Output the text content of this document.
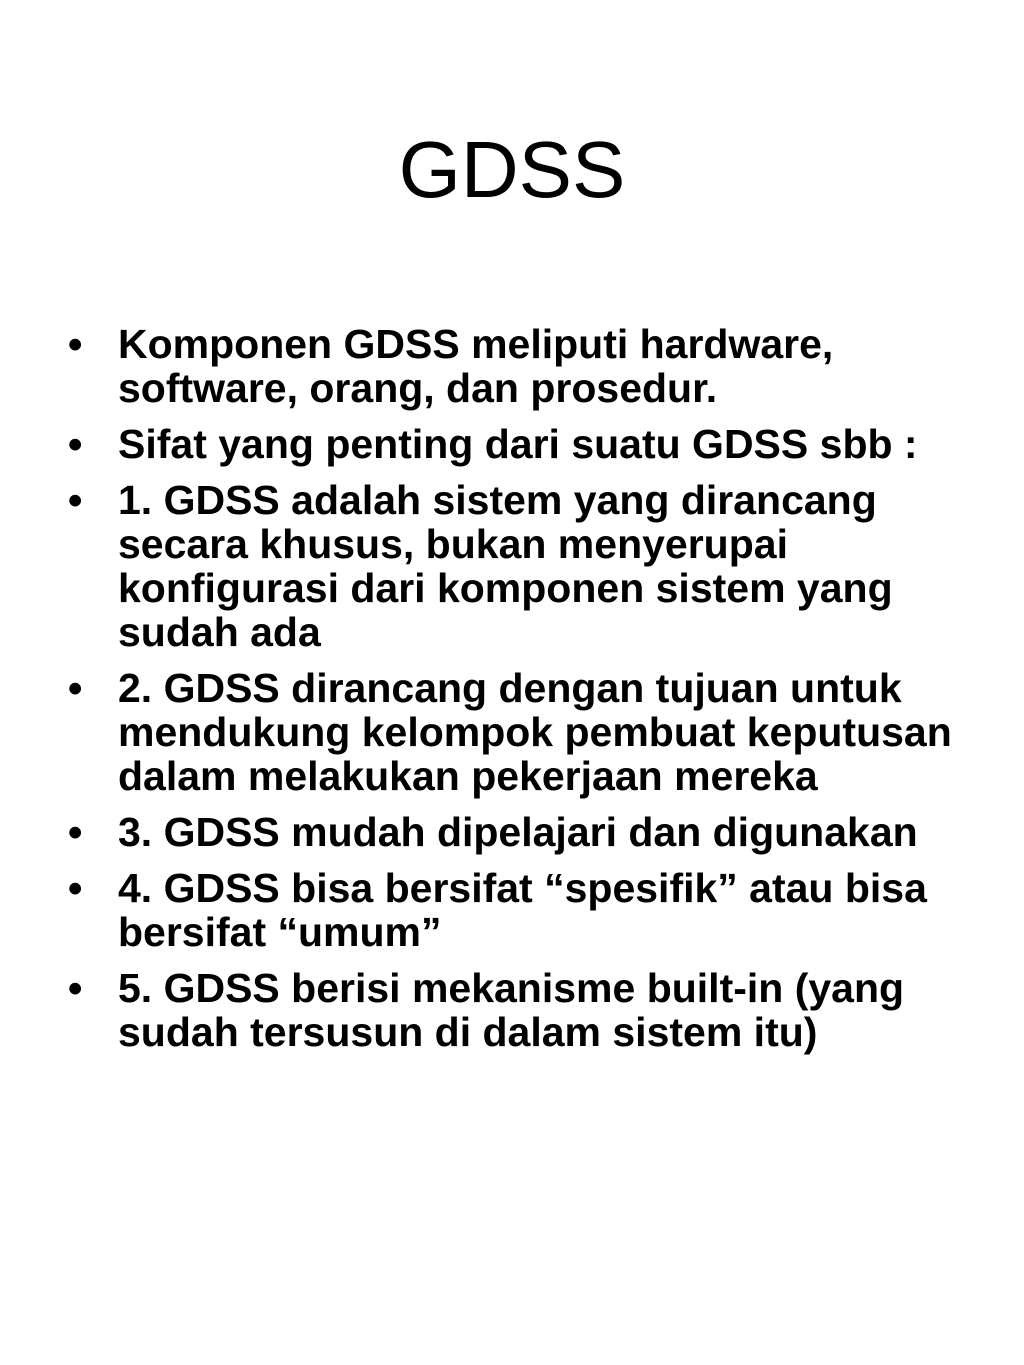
GDSS
• Komponen GDSS meliputi hardware, software, orang, dan prosedur.
• Sifat yang penting dari suatu GDSS sbb :
• 1. GDSS adalah sistem yang dirancang secara khusus, bukan menyerupai konfigurasi dari komponen sistem yang sudah ada
• 2. GDSS dirancang dengan tujuan untuk mendukung kelompok pembuat keputusan dalam melakukan pekerjaan mereka
• 3. GDSS mudah dipelajari dan digunakan
• 4. GDSS bisa bersifat “spesifik” atau bisa bersifat “umum”
• 5. GDSS berisi mekanisme built-in (yang sudah tersusun di dalam sistem itu)
